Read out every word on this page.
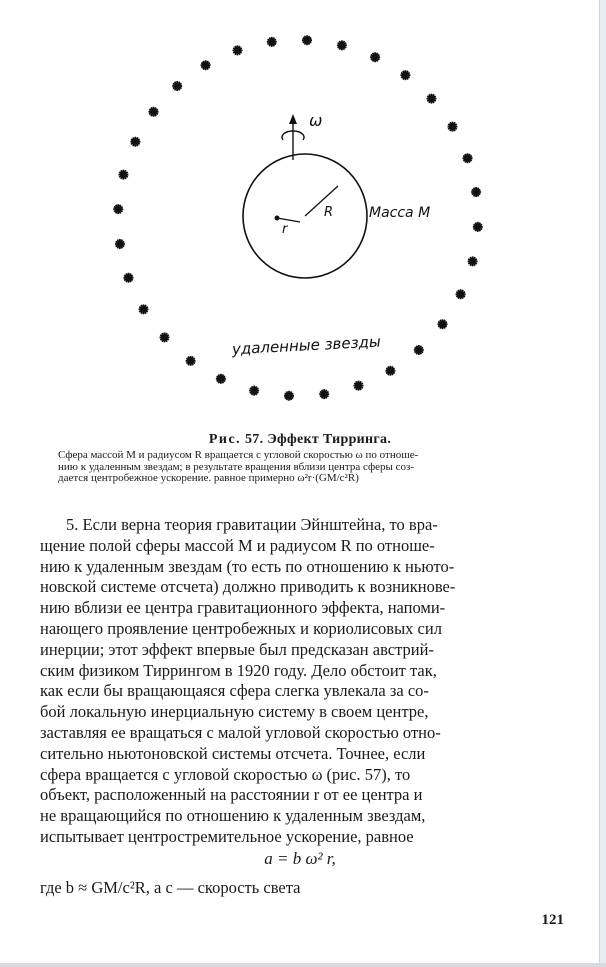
ω
R
r
Масса M
удаленные звезды
Рис. 57. Эффект Тирринга.
Сфера массой M и радиусом R вращается с угловой скоростью ω по отноше-
нию к удаленным звездам; в результате вращения вблизи центра сферы соз-
дается центробежное ускорение. равное примерно ω²r·(GM/c²R)
5. Если верна теория гравитации Эйнштейна, то вра-
щение полой сферы массой M и радиусом R по отноше-
нию к удаленным звездам (то есть по отношению к ньюто-
новской системе отсчета) должно приводить к возникнове-
нию вблизи ее центра гравитационного эффекта, напоми-
нающего проявление центробежных и кориолисовых сил
инерции; этот эффект впервые был предсказан австрий-
ским физиком Тиррингом в 1920 году. Дело обстоит так,
как если бы вращающаяся сфера слегка увлекала за со-
бой локальную инерциальную систему в своем центре,
заставляя ее вращаться с малой угловой скоростью отно-
сительно ньютоновской системы отсчета. Точнее, если
сфера вращается с угловой скоростью ω (рис. 57), то
объект, расположенный на расстоянии r от ее центра и
не вращающийся по отношению к удаленным звездам,
испытывает центростремительное ускорение, равное
a = b ω² r,
где b ≈ GM/c²R, а c — скорость света
121
